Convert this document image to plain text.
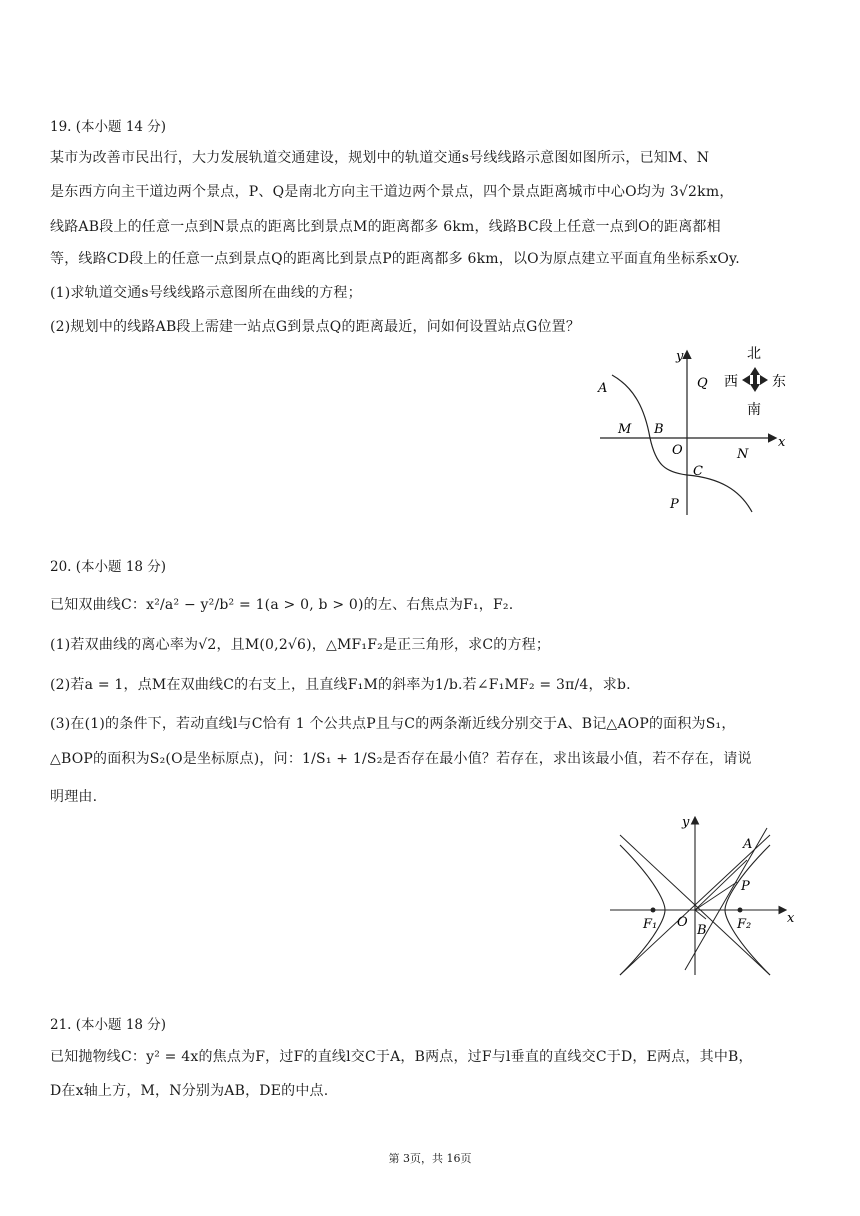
19. (本小题 14 分)
某市为改善市民出行，大力发展轨道交通建设，规划中的轨道交通s号线线路示意图如图所示，已知M、N
是东西方向主干道边两个景点，P、Q是南北方向主干道边两个景点，四个景点距离城市中心O均为 3√2km，
线路AB段上的任意一点到N景点的距离比到景点M的距离都多 6km，线路BC段上任意一点到O的距离都相
等，线路CD段上的任意一点到景点Q的距离比到景点P的距离都多 6km，以O为原点建立平面直角坐标系xOy.
(1)求轨道交通s号线线路示意图所在曲线的方程；
(2)规划中的线路AB段上需建一站点G到景点Q的距离最近，问如何设置站点G位置？
y
x
A
M B
O
C
N
P
Q
北
南
西 东
20. (本小题 18 分)
已知双曲线C：x²/a² − y²/b² = 1(a > 0, b > 0)的左、右焦点为F₁，F₂.
(1)若双曲线的离心率为√2，且M(0,2√6)，△MF₁F₂是正三角形，求C的方程；
(2)若a = 1，点M在双曲线C的右支上，且直线F₁M的斜率为1/b.若∠F₁MF₂ = 3π/4，求b.
(3)在(1)的条件下，若动直线l与C恰有 1 个公共点P且与C的两条渐近线分别交于A、B记△AOP的面积为S₁，
△BOP的面积为S₂(O是坐标原点)，问：1/S₁ + 1/S₂是否存在最小值？若存在，求出该最小值，若不存在，请说
明理由.
y
x
A
P
F₁ O
B F₂
21. (本小题 18 分)
已知抛物线C：y² = 4x的焦点为F，过F的直线l交C于A，B两点，过F与l垂直的直线交C于D，E两点，其中B，
D在x轴上方，M，N分别为AB，DE的中点.
第 3页，共 16页
